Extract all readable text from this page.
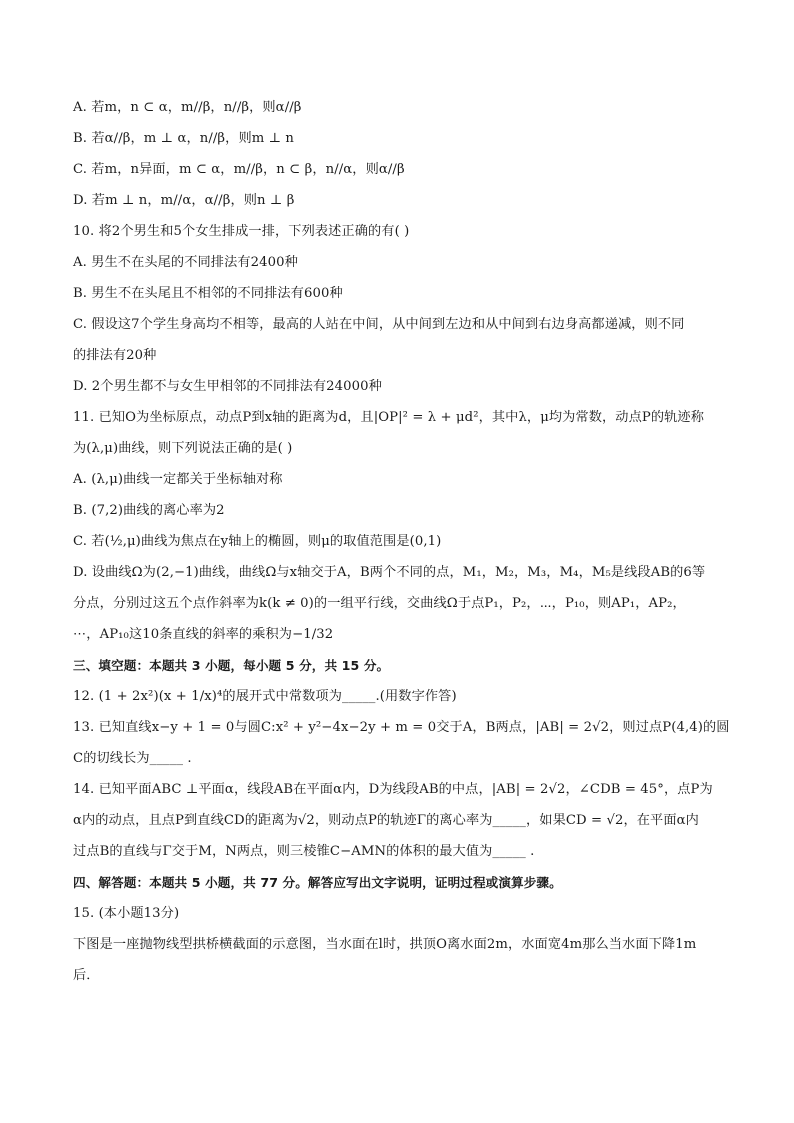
A. 若m，n ⊂ α，m//β，n//β，则α//β
B. 若α//β，m ⊥ α，n//β，则m ⊥ n
C. 若m，n异面，m ⊂ α，m//β，n ⊂ β，n//α，则α//β
D. 若m ⊥ n，m//α，α//β，则n ⊥ β
10. 将2个男生和5个女生排成一排，下列表述正确的有( )
A. 男生不在头尾的不同排法有2400种
B. 男生不在头尾且不相邻的不同排法有600种
C. 假设这7个学生身高均不相等，最高的人站在中间，从中间到左边和从中间到右边身高都递减，则不同
的排法有20种
D. 2个男生都不与女生甲相邻的不同排法有24000种
11. 已知O为坐标原点，动点P到x轴的距离为d，且|OP|² = λ + μd²，其中λ，μ均为常数，动点P的轨迹称
为(λ,μ)曲线，则下列说法正确的是( )
A. (λ,μ)曲线一定都关于坐标轴对称
B. (7,2)曲线的离心率为2
C. 若(½,μ)曲线为焦点在y轴上的椭圆，则μ的取值范围是(0,1)
D. 设曲线Ω为(2,−1)曲线，曲线Ω与x轴交于A，B两个不同的点，M₁，M₂，M₃，M₄，M₅是线段AB的6等
分点，分别过这五个点作斜率为k(k ≠ 0)的一组平行线，交曲线Ω于点P₁，P₂，⋯，P₁₀，则AP₁，AP₂，
⋯，AP₁₀这10条直线的斜率的乘积为−1/32
三、填空题：本题共 3 小题，每小题 5 分，共 15 分。
12. (1 + 2x²)(x + 1/x)⁴的展开式中常数项为_____.(用数字作答)
13. 已知直线x−y + 1 = 0与圆C:x² + y²−4x−2y + m = 0交于A，B两点，|AB| = 2√2，则过点P(4,4)的圆
C的切线长为_____ .
14. 已知平面ABC ⊥平面α，线段AB在平面α内，D为线段AB的中点，|AB| = 2√2，∠CDB = 45°，点P为
α内的动点，且点P到直线CD的距离为√2，则动点P的轨迹Γ的离心率为_____，如果CD = √2，在平面α内
过点B的直线与Γ交于M，N两点，则三棱锥C−AMN的体积的最大值为_____ .
四、解答题：本题共 5 小题，共 77 分。解答应写出文字说明，证明过程或演算步骤。
15. (本小题13分)
下图是一座抛物线型拱桥横截面的示意图，当水面在l时，拱顶O离水面2m，水面宽4m那么当水面下降1m
后．
